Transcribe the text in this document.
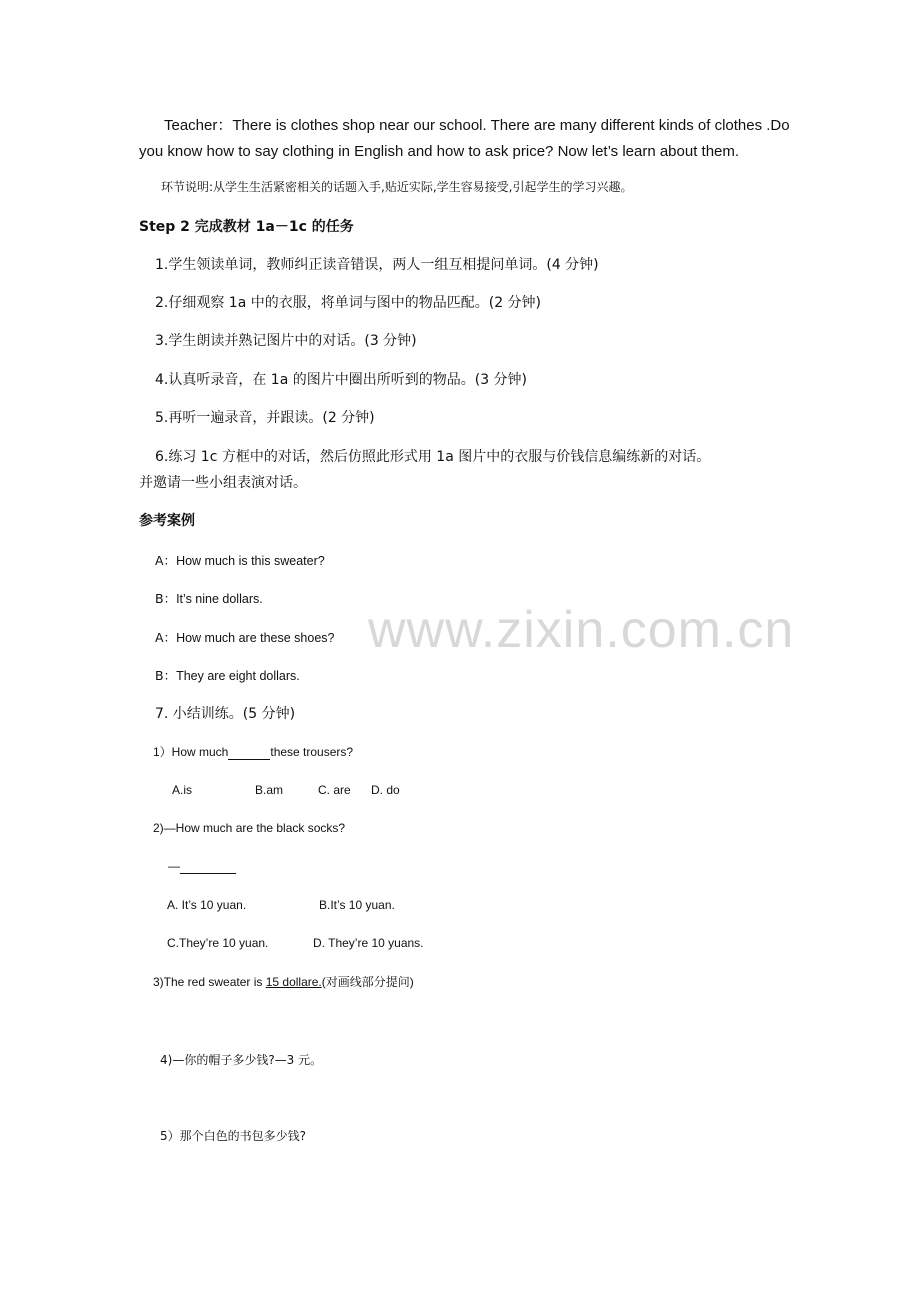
Teacher：There is clothes shop near our school. There are many different kinds of clothes .Do
you know how to say clothing in English and how to ask price? Now let’s learn about them.
环节说明:从学生生活紧密相关的话题入手,贴近实际,学生容易接受,引起学生的学习兴趣。
Step 2 完成教材 1a－1c 的任务
1.学生领读单词，教师纠正读音错误，两人一组互相提问单词。(4 分钟)
2.仔细观察 1a 中的衣服，将单词与图中的物品匹配。(2 分钟)
3.学生朗读并熟记图片中的对话。(3 分钟)
4.认真听录音，在 1a 的图片中圈出所听到的物品。(3 分钟)
5.再听一遍录音，并跟读。(2 分钟)
6.练习 1c 方框中的对话，然后仿照此形式用 1a 图片中的衣服与价钱信息编练新的对话。
并邀请一些小组表演对话。
参考案例
A：How much is this sweater?
B：It’s nine dollars.
A：How much are these shoes?
B：They are eight dollars.
7. 小结训练。(5 分钟)
1）How much	these trousers?
A.is	B.am	C. are D. do
2)—How much are the black socks?
—
A. It’s 10 yuan.	B.It’s 10 yuan.
C.They’re 10 yuan.	D. They’re 10 yuans.
3)The red sweater is 15 dollare.(对画线部分提问)
4)—你的帽子多少钱?—3 元。
5）那个白色的书包多少钱?
www.zixin.com.cn
